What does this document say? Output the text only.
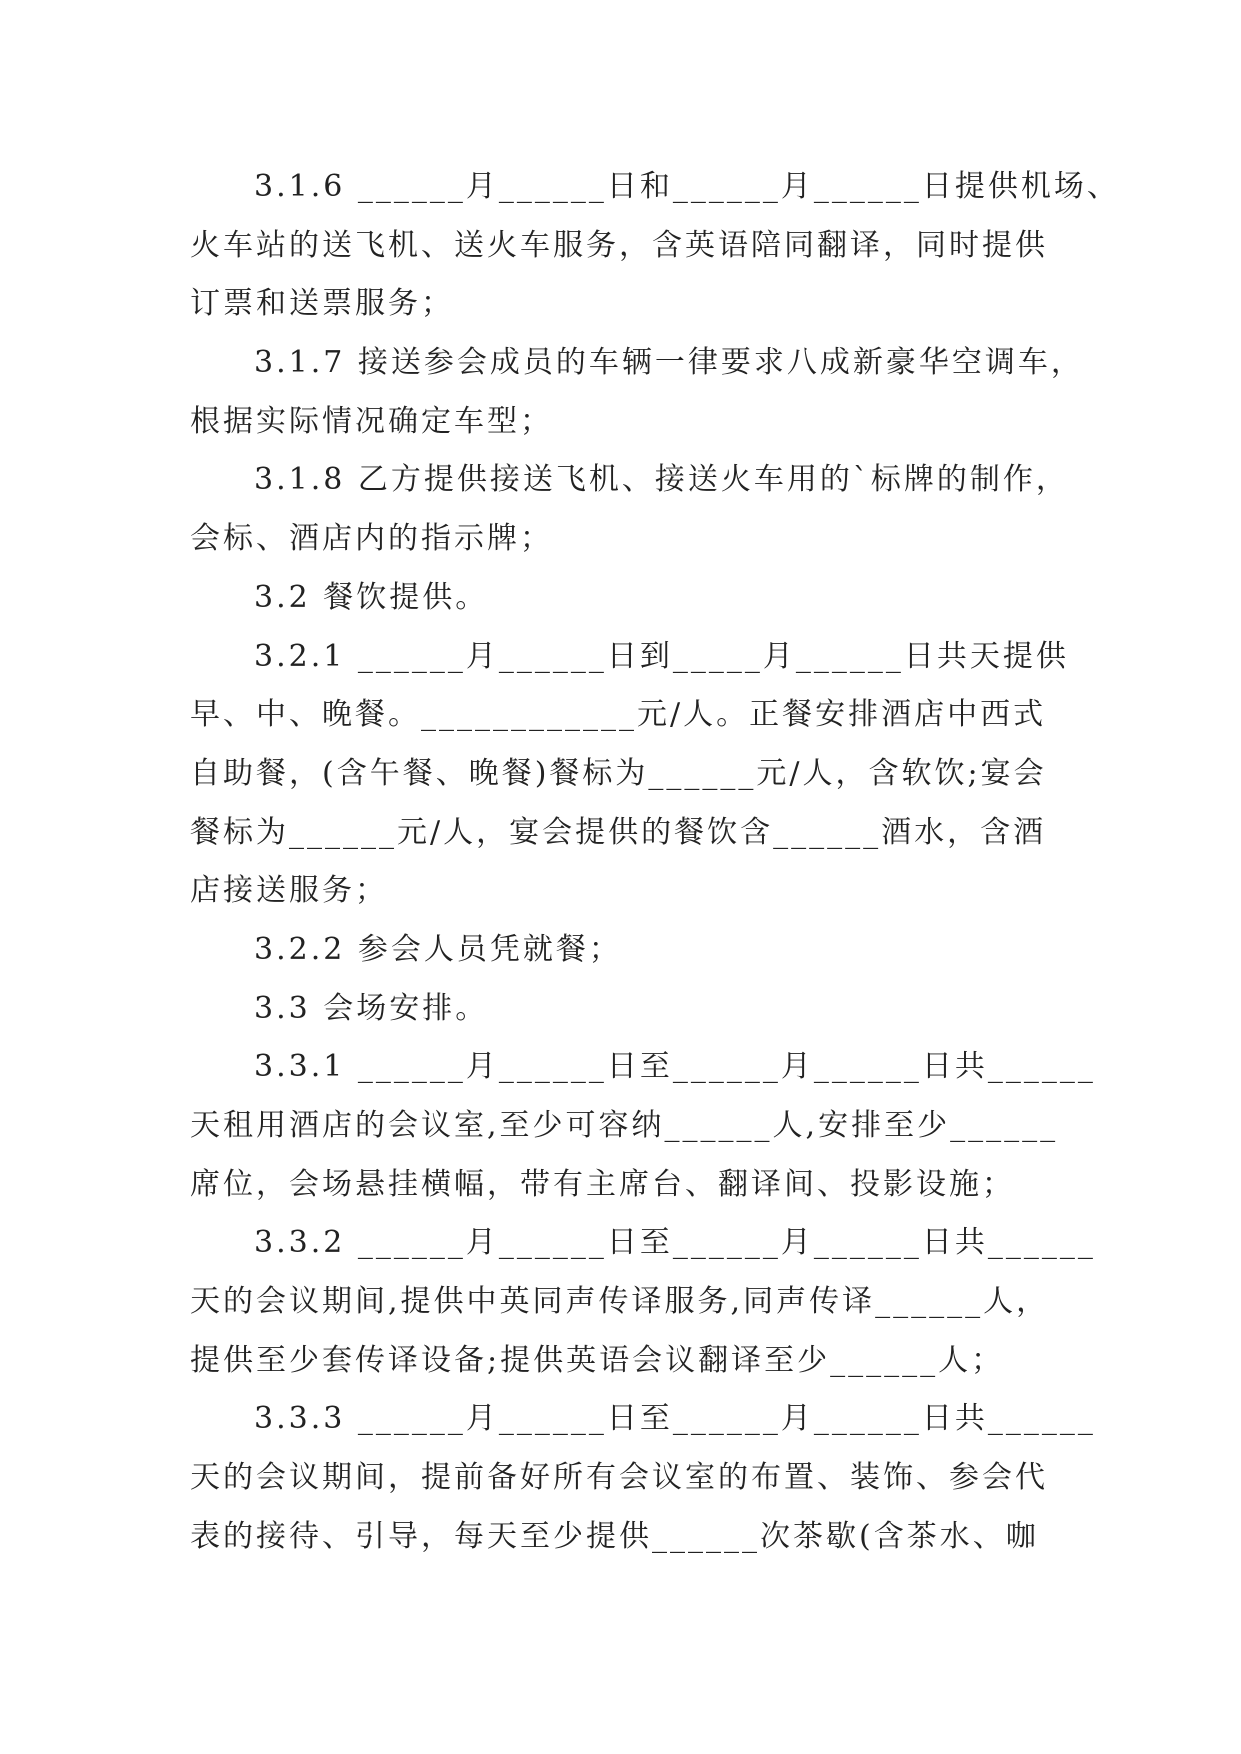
3.1.6 ______月______日和______月______日提供机场、
火车站的送飞机、送火车服务，含英语陪同翻译，同时提供
订票和送票服务；
3.1.7 接送参会成员的车辆一律要求八成新豪华空调车，
根据实际情况确定车型；
3.1.8 乙方提供接送飞机、接送火车用的`标牌的制作，
会标、酒店内的指示牌；
3.2 餐饮提供。
3.2.1 ______月______日到_____月______日共天提供
早、中、晚餐。____________元/人。正餐安排酒店中西式
自助餐，(含午餐、晚餐)餐标为______元/人，含软饮;宴会
餐标为______元/人，宴会提供的餐饮含______酒水，含酒
店接送服务；
3.2.2 参会人员凭就餐；
3.3 会场安排。
3.3.1 ______月______日至______月______日共______
天租用酒店的会议室,至少可容纳______人,安排至少______
席位，会场悬挂横幅，带有主席台、翻译间、投影设施；
3.3.2 ______月______日至______月______日共______
天的会议期间,提供中英同声传译服务,同声传译______人，
提供至少套传译设备;提供英语会议翻译至少______人；
3.3.3 ______月______日至______月______日共______
天的会议期间，提前备好所有会议室的布置、装饰、参会代
表的接待、引导，每天至少提供______次茶歇(含茶水、咖
